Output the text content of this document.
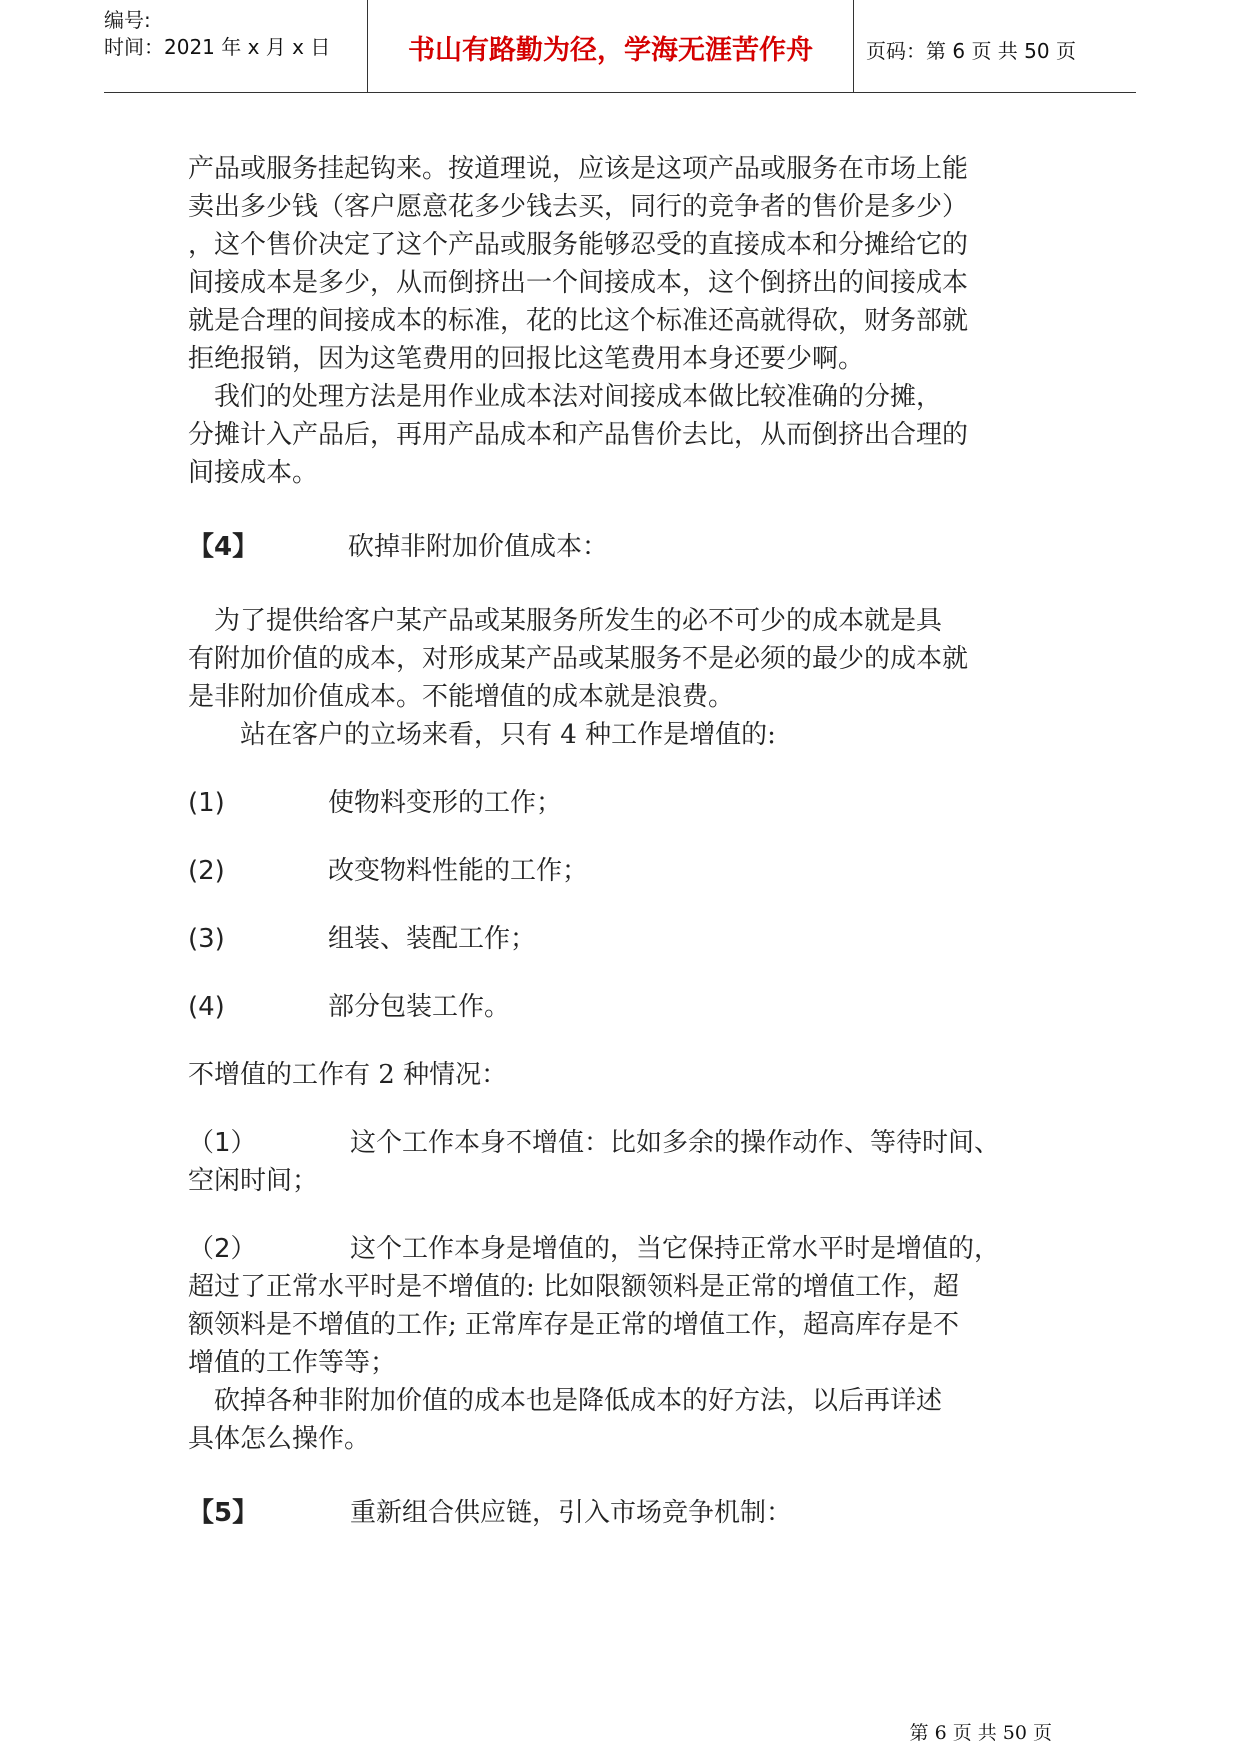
编号:
时间：2021 年 x 月 x 日	书山有路勤为径，学海无涯苦作舟	页码：第 6 页 共 50 页

产品或服务挂起钩来。按道理说，应该是这项产品或服务在市场上能

卖出多少钱（客户愿意花多少钱去买，同行的竞争者的售价是多少）

，这个售价决定了这个产品或服务能够忍受的直接成本和分摊给它的

间接成本是多少，从而倒挤出一个间接成本，这个倒挤出的间接成本

就是合理的间接成本的标准，花的比这个标准还高就得砍，财务部就

拒绝报销，因为这笔费用的回报比这笔费用本身还要少啊。

　我们的处理方法是用作业成本法对间接成本做比较准确的分摊，

分摊计入产品后，再用产品成本和产品售价去比，从而倒挤出合理的

间接成本。

【4】	砍掉非附加价值成本：

　为了提供给客户某产品或某服务所发生的必不可少的成本就是具

有附加价值的成本，对形成某产品或某服务不是必须的最少的成本就

是非附加价值成本。不能增值的成本就是浪费。

　　站在客户的立场来看，只有 4 种工作是增值的:

(1)	使物料变形的工作；
(2)	改变物料性能的工作；
(3)	组装、装配工作；
(4)	部分包装工作。

不增值的工作有 2 种情况：

（1）	这个工作本身不增值：比如多余的操作动作、等待时间、

空闲时间；

（2）	这个工作本身是增值的，当它保持正常水平时是增值的，

超过了正常水平时是不增值的: 比如限额领料是正常的增值工作，超

额领料是不增值的工作; 正常库存是正常的增值工作，超高库存是不

增值的工作等等；

　砍掉各种非附加价值的成本也是降低成本的好方法，以后再详述

具体怎么操作。

【5】	重新组合供应链，引入市场竞争机制：
第 6 页 共 50 页
